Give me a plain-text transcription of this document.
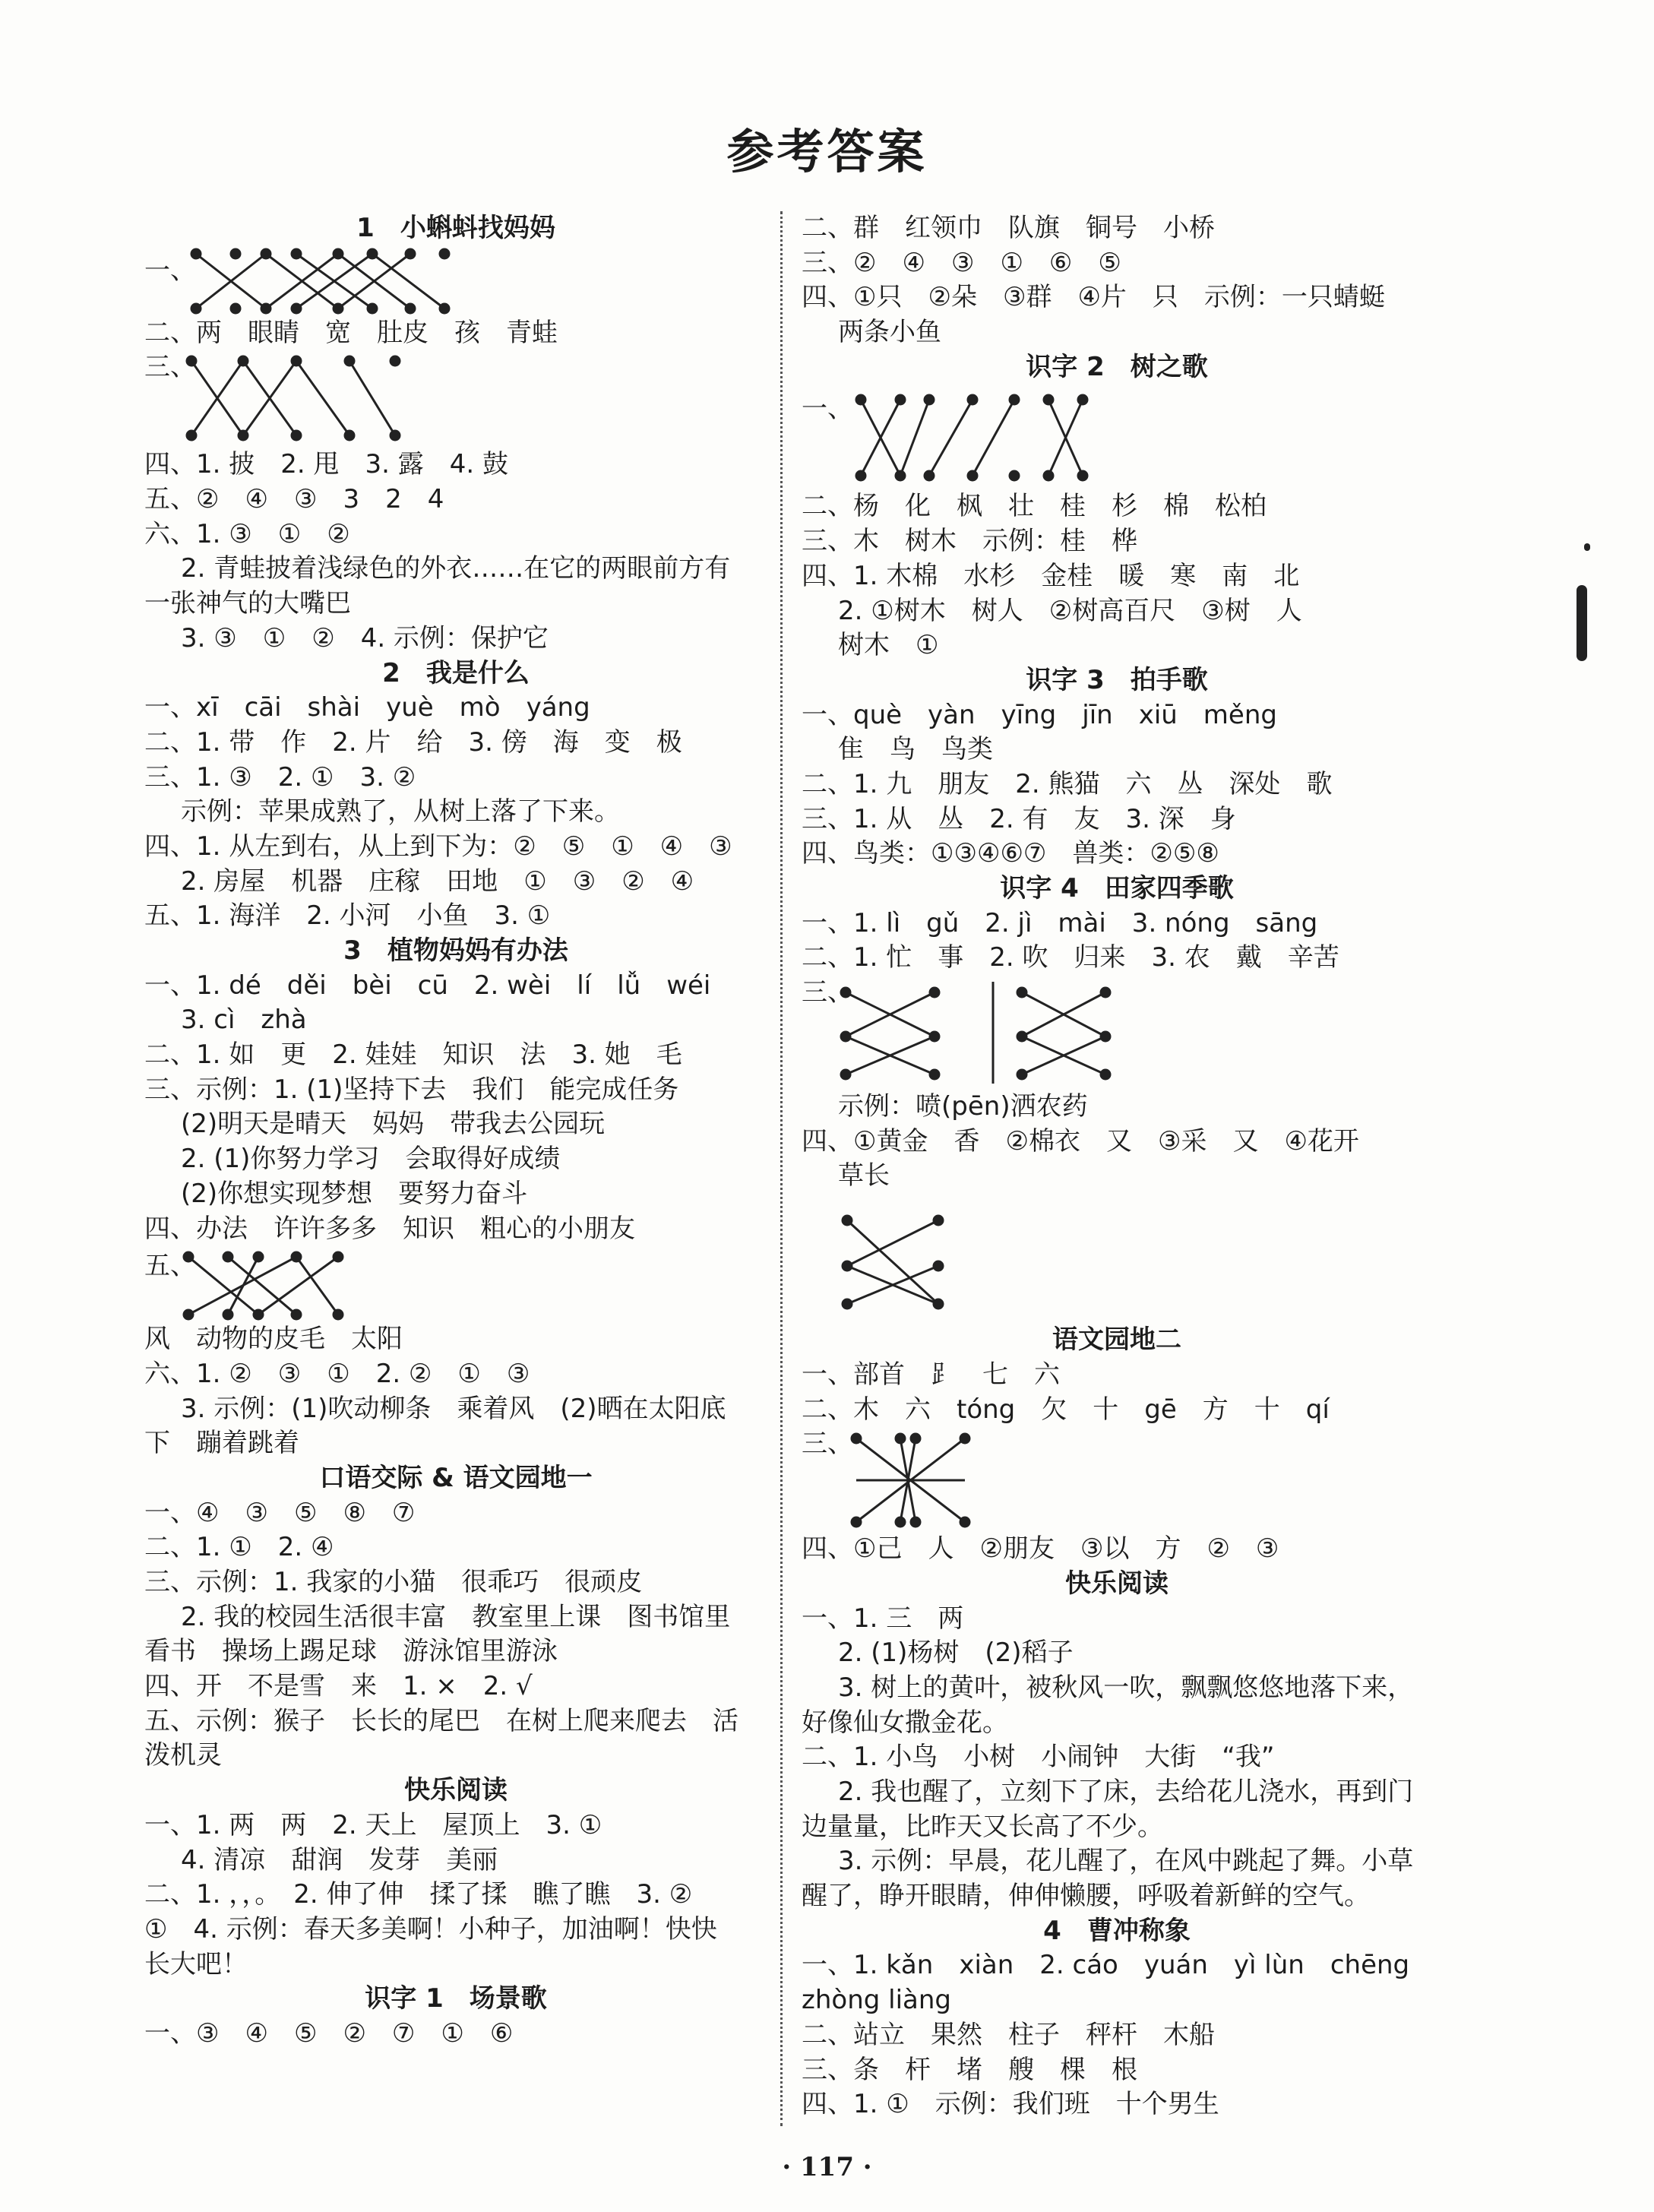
参考答案
1　小蝌蚪找妈妈
一、
二、两　眼睛　宽　肚皮　孩　青蛙
三、
四、1. 披　2. 甩　3. 露　4. 鼓
五、②　④　③　3　2　4
六、1. ③　①　②
2. 青蛙披着浅绿色的外衣……在它的两眼前方有
一张神气的大嘴巴
3. ③　①　②　4. 示例：保护它
2　我是什么
一、xī　cāi　shài　yuè　mò　yáng
二、1. 带　作　2. 片　给　3. 傍　海　变　极
三、1. ③　2. ①　3. ②
示例：苹果成熟了，从树上落了下来。
四、1. 从左到右，从上到下为：②　⑤　①　④　③
2. 房屋　机器　庄稼　田地　①　③　②　④
五、1. 海洋　2. 小河　小鱼　3. ①
3　植物妈妈有办法
一、1. dé　děi　bèi　cū　2. wèi　lí　lǚ　wéi
3. cì　zhà
二、1. 如　更　2. 娃娃　知识　法　3. 她　毛
三、示例：1. (1)坚持下去　我们　能完成任务
(2)明天是晴天　妈妈　带我去公园玩
2. (1)你努力学习　会取得好成绩
(2)你想实现梦想　要努力奋斗
四、办法　许许多多　知识　粗心的小朋友
五、
风　动物的皮毛　太阳
六、1. ②　③　①　2. ②　①　③
3. 示例：(1)吹动柳条　乘着风　(2)晒在太阳底
下　蹦着跳着
口语交际 & 语文园地一
一、④　③　⑤　⑧　⑦
二、1. ①　2. ④
三、示例：1. 我家的小猫　很乖巧　很顽皮
2. 我的校园生活很丰富　教室里上课　图书馆里
看书　操场上踢足球　游泳馆里游泳
四、开　不是雪　来　1. ×　2. √
五、示例：猴子　长长的尾巴　在树上爬来爬去　活
泼机灵
快乐阅读
一、1. 两　两　2. 天上　屋顶上　3. ①
4. 清凉　甜润　发芽　美丽
二、1. ，，。　2. 伸了伸　揉了揉　瞧了瞧　3. ②
①　4. 示例：春天多美啊！小种子，加油啊！快快
长大吧！
识字 1　场景歌
一、③　④　⑤　②　⑦　①　⑥
二、群　红领巾　队旗　铜号　小桥
三、②　④　③　①　⑥　⑤
四、①只　②朵　③群　④片　只　示例：一只蜻蜓
两条小鱼
识字 2　树之歌
一、
二、杨　化　枫　壮　桂　杉　棉　松柏
三、木　树木　示例：桂　桦
四、1. 木棉　水杉　金桂　暖　寒　南　北
2. ①树木　树人　②树高百尺　③树　人
树木　①
识字 3　拍手歌
一、què　yàn　yīng　jīn　xiū　měng
隹　鸟　鸟类
二、1. 九　朋友　2. 熊猫　六　丛　深处　歌
三、1. 从　丛　2. 有　友　3. 深　身
四、鸟类：①③④⑥⑦　兽类：②⑤⑧
识字 4　田家四季歌
一、1. lì　gǔ　2. jì　mài　3. nóng　sāng
二、1. 忙　事　2. 吹　归来　3. 农　戴　辛苦
三、
示例：喷(pēn)洒农药
四、①黄金　香　②棉衣　又　③采　又　④花开
草长
语文园地二
一、部首　⻊　七　六
二、木　六　tóng　欠　十　gē　方　十　qí
三、
四、①己　人　②朋友　③以　方　②　③
快乐阅读
一、1. 三　两
2. (1)杨树　(2)稻子
3. 树上的黄叶，被秋风一吹，飘飘悠悠地落下来，
好像仙女撒金花。
二、1. 小鸟　小树　小闹钟　大街　“我”
2. 我也醒了，立刻下了床，去给花儿浇水，再到门
边量量，比昨天又长高了不少。
3. 示例：早晨，花儿醒了，在风中跳起了舞。小草
醒了，睁开眼睛，伸伸懒腰，呼吸着新鲜的空气。
4　曹冲称象
一、1. kǎn　xiàn　2. cáo　yuán　yì lùn　chēng
zhòng liàng
二、站立　果然　柱子　秤杆　木船
三、条　杆　堵　艘　棵　根
四、1. ①　示例：我们班　十个男生
· 117 ·
